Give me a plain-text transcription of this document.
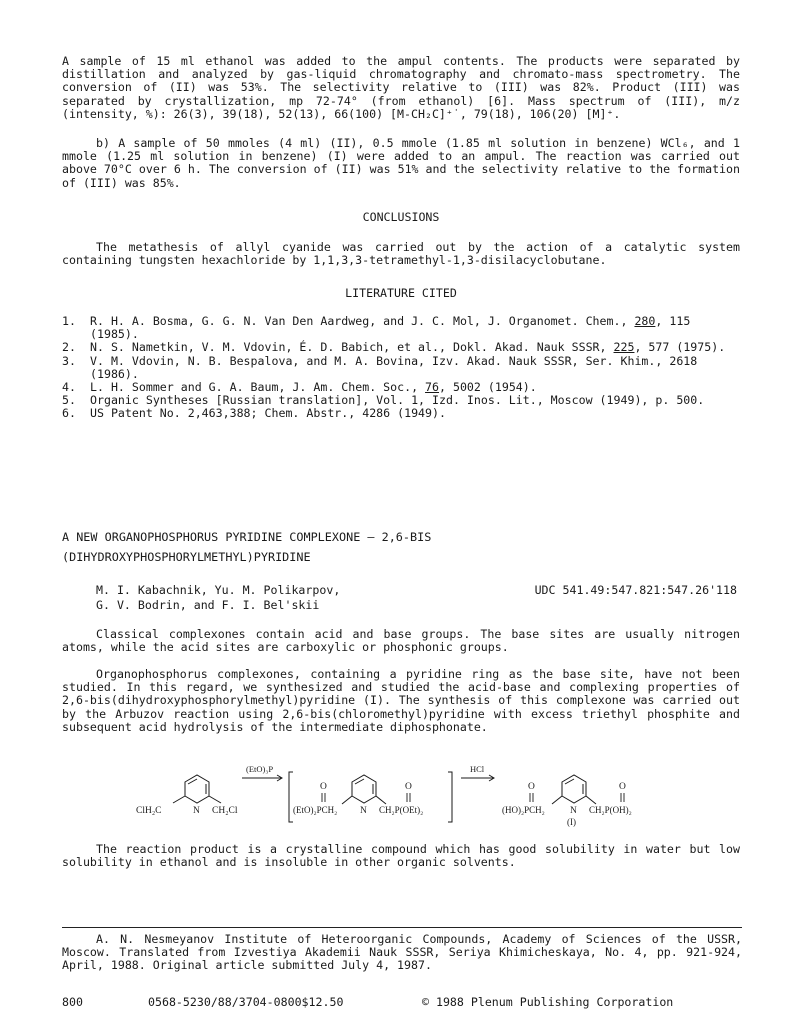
A sample of 15 ml ethanol was added to the ampul contents. The products were separated by distillation and analyzed by gas-liquid chromatography and chromato-mass spectrometry. The conversion of (II) was 53%. The selectivity relative to (III) was 82%. Product (III) was separated by crystallization, mp 72-74° (from ethanol) [6]. Mass spectrum of (III), m/z (intensity, %): 26(3), 39(18), 52(13), 66(100) [M-CH₂C]⁺˙, 79(18), 106(20) [M]⁺.

b) A sample of 50 mmoles (4 ml) (II), 0.5 mmole (1.85 ml solution in benzene) WCl₆, and 1 mmole (1.25 ml solution in benzene) (I) were added to an ampul. The reaction was carried out above 70°C over 6 h. The conversion of (II) was 51% and the selectivity relative to the formation of (III) was 85%.

CONCLUSIONS

The metathesis of allyl cyanide was carried out by the action of a catalytic system containing tungsten hexachloride by 1,1,3,3-tetramethyl-1,3-disilacyclobutane.

LITERATURE CITED
1. R. H. A. Bosma, G. G. N. Van Den Aardweg, and J. C. Mol, J. Organomet. Chem., 280, 115 (1985).
2. N. S. Nametkin, V. M. Vdovin, É. D. Babich, et al., Dokl. Akad. Nauk SSSR, 225, 577 (1975).
3. V. M. Vdovin, N. B. Bespalova, and M. A. Bovina, Izv. Akad. Nauk SSSR, Ser. Khim., 2618 (1986).
4. L. H. Sommer and G. A. Baum, J. Am. Chem. Soc., 76, 5002 (1954).
5. Organic Syntheses [Russian translation], Vol. 1, Izd. Inos. Lit., Moscow (1949), p. 500.
6. US Patent No. 2,463,388; Chem. Abstr., 4286 (1949).
A NEW ORGANOPHOSPHORUS PYRIDINE COMPLEXONE — 2,6-BIS
(DIHYDROXYPHOSPHORYLMETHYL)PYRIDINE
M. I. Kabachnik, Yu. M. Polikarpov,
G. V. Bodrin, and F. I. Bel'skii
UDC 541.49:547.821:547.26'118

Classical complexones contain acid and base groups. The base sites are usually nitrogen atoms, while the acid sites are carboxylic or phosphonic groups.

Organophosphorus complexones, containing a pyridine ring as the base site, have not been studied. In this regard, we synthesized and studied the acid-base and complexing properties of 2,6-bis(dihydroxyphosphorylmethyl)pyridine (I). The synthesis of this complexone was carried out by the Arbuzov reaction using 2,6-bis(chloromethyl)pyridine with excess triethyl phosphite and subsequent acid hydrolysis of the intermediate diphosphonate.

ClH₂C	N CH₂Cl
(EtO)₃P
O
(EtO)₂PCH₂ N
O
CH₂P(OEt)₂
HCl
O
(HO)₂PCH₂	N
O
CH₂P(OH)₂
(I)

The reaction product is a crystalline compound which has good solubility in water but low solubility in ethanol and is insoluble in other organic solvents.

A. N. Nesmeyanov Institute of Heteroorganic Compounds, Academy of Sciences of the USSR, Moscow. Translated from Izvestiya Akademii Nauk SSSR, Seriya Khimicheskaya, No. 4, pp. 921-924, April, 1988. Original article submitted July 4, 1987.

800	0568-5230/88/3704-0800$12.50	© 1988 Plenum Publishing Corporation
